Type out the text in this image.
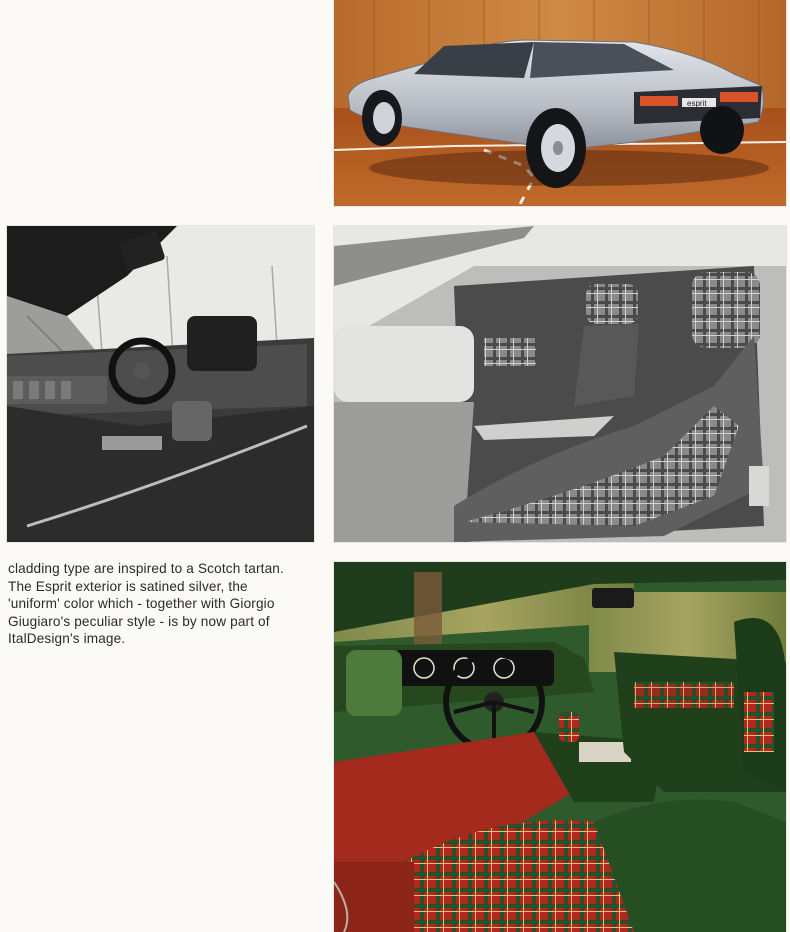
esprit

cladding type are inspired to a Scotch tartan.
The Esprit exterior is satined silver, the
'uniform' color which - together with Giorgio
Giugiaro's peculiar style - is by now part of
ItalDesign's image.
